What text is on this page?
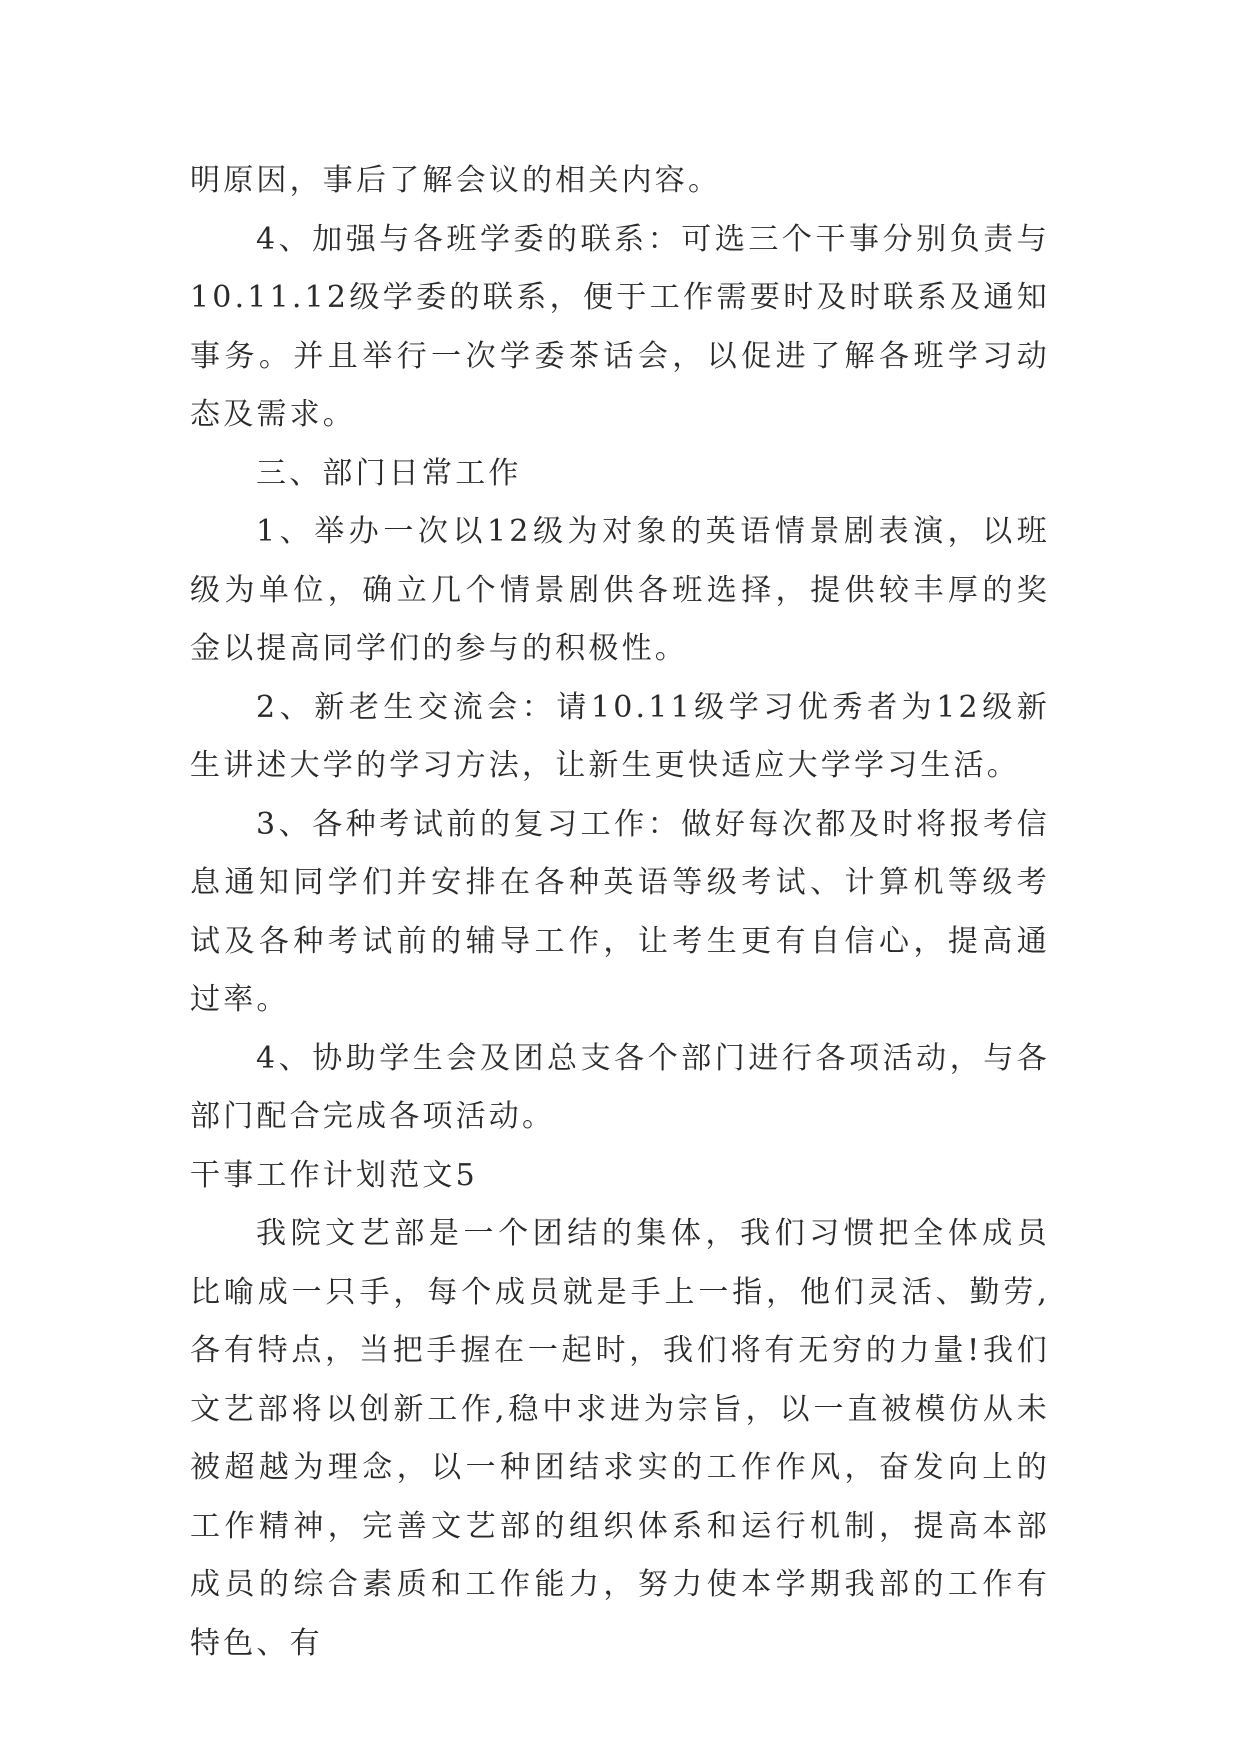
明原因，事后了解会议的相关内容。

4、加强与各班学委的联系：可选三个干事分别负责与10.11.12级学委的联系，便于工作需要时及时联系及通知事务。并且举行一次学委茶话会，以促进了解各班学习动态及需求。

三、部门日常工作

1、举办一次以12级为对象的英语情景剧表演，以班级为单位，确立几个情景剧供各班选择，提供较丰厚的奖金以提高同学们的参与的积极性。

2、新老生交流会：请10.11级学习优秀者为12级新生讲述大学的学习方法，让新生更快适应大学学习生活。

3、各种考试前的复习工作：做好每次都及时将报考信息通知同学们并安排在各种英语等级考试、计算机等级考试及各种考试前的辅导工作，让考生更有自信心，提高通过率。

4、协助学生会及团总支各个部门进行各项活动，与各部门配合完成各项活动。

干事工作计划范文5

我院文艺部是一个团结的集体，我们习惯把全体成员比喻成一只手，每个成员就是手上一指，他们灵活、勤劳,各有特点，当把手握在一起时，我们将有无穷的力量!我们文艺部将以创新工作,稳中求进为宗旨，以一直被模仿从未被超越为理念，以一种团结求实的工作作风，奋发向上的工作精神，完善文艺部的组织体系和运行机制，提高本部成员的综合素质和工作能力，努力使本学期我部的工作有特色、有
